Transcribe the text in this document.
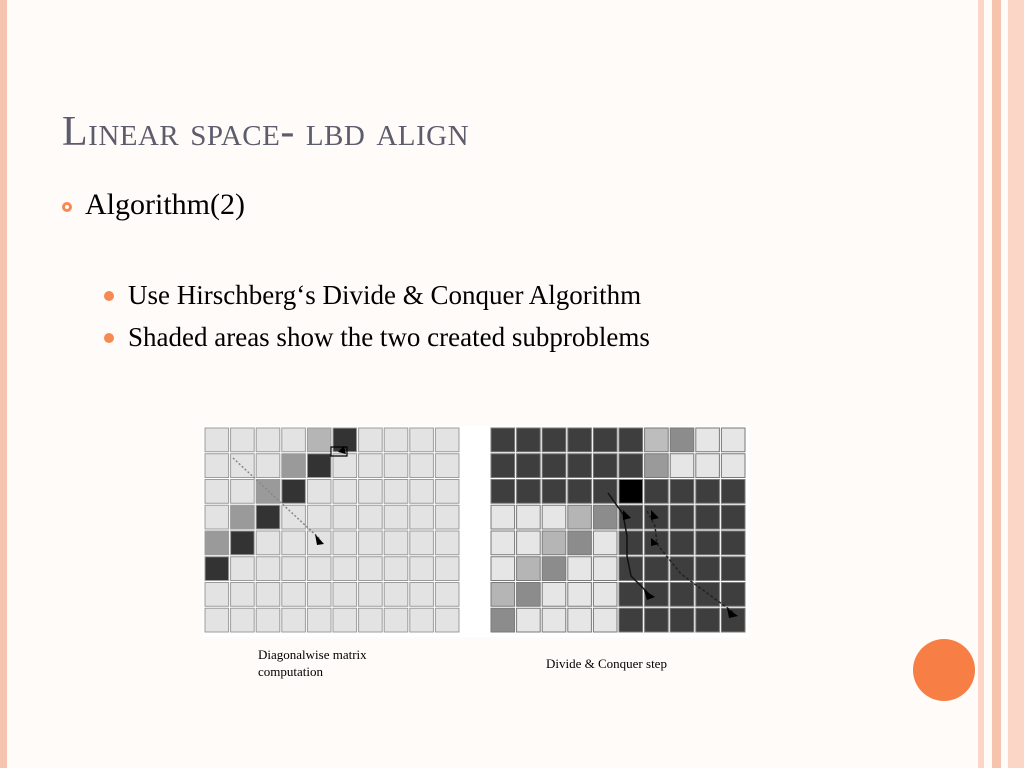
Linear space- lbd align
Algorithm(2)
Use Hirschberg‘s Divide & Conquer Algorithm
Shaded areas show the two created subproblems
Diagonalwise matrix computation
Divide & Conquer step
